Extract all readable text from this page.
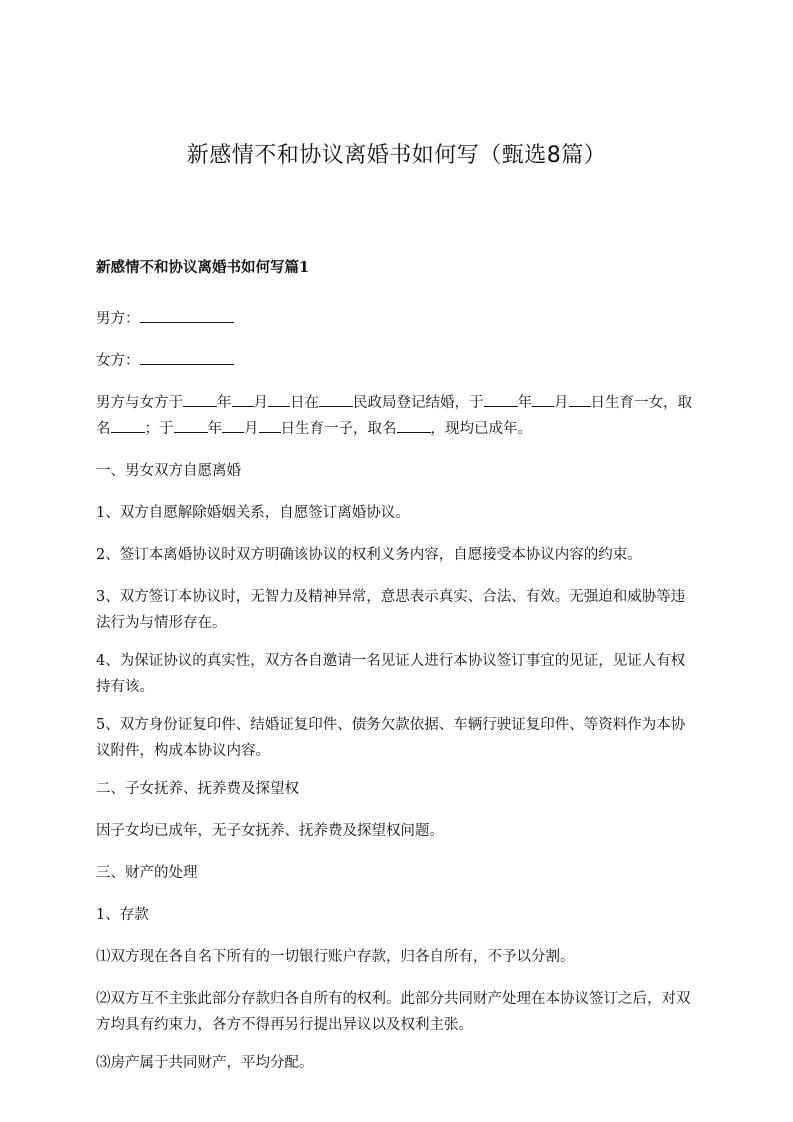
新感情不和协议离婚书如何写（甄选8篇）
新感情不和协议离婚书如何写篇1

男方：

女方：

男方与女方于 年 月 日在 民政局登记结婚，于 年 月 日生育一女，取名 ；于 年 月 日生育一子，取名 ，现均已成年。

一、男女双方自愿离婚

1、双方自愿解除婚姻关系，自愿签订离婚协议。

2、签订本离婚协议时双方明确该协议的权利义务内容，自愿接受本协议内容的约束。

3、双方签订本协议时，无智力及精神异常，意思表示真实、合法、有效。无强迫和威胁等违法行为与情形存在。

4、为保证协议的真实性，双方各自邀请一名见证人进行本协议签订事宜的见证，见证人有权持有该。

5、双方身份证复印件、结婚证复印件、债务欠款依据、车辆行驶证复印件、等资料作为本协议附件，构成本协议内容。

二、子女抚养、抚养费及探望权

因子女均已成年，无子女抚养、抚养费及探望权问题。

三、财产的处理

1、存款

⑴双方现在各自名下所有的一切银行账户存款，归各自所有，不予以分割。

⑵双方互不主张此部分存款归各自所有的权利。此部分共同财产处理在本协议签订之后，对双方均具有约束力，各方不得再另行提出异议以及权利主张。

⑶房产属于共同财产，平均分配。
